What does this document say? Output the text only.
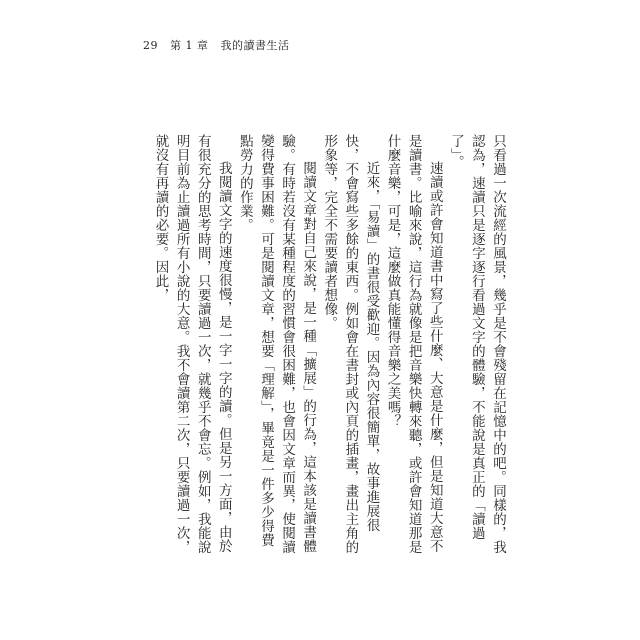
29 第 1 章 我的讀書生活

只看過一次流經的風景，幾乎是不會殘留在記憶中的吧。同樣的，我認為，速讀只是逐字逐行看過文字的體驗，不能說是真正的「讀過了」。

速讀或許會知道書中寫了些什麼、大意是什麼，但是知道大意不是讀書。比喻來說，這行為就像是把音樂快轉來聽，或許會知道那是什麼音樂，可是，這麼做真能懂得音樂之美嗎？

近來，「易讀」的書很受歡迎。因為內容很簡單，故事進展很快，不會寫些多餘的東西。例如會在書封或內頁的插畫，畫出主角的形象等，完全不需要讀者想像。

閱讀文章對自己來說，是一種「擴展」的行為，這本該是讀書體驗。有時若沒有某種程度的習慣會很困難，也會因文章而異，使閱讀變得費事困難。可是閱讀文章，想要「理解」，畢竟是一件多少得費點勞力的作業。

我閱讀文字的速度很慢，是一字一字的讀。但是另一方面，由於有很充分的思考時間，只要讀過一次，就幾乎不會忘。例如，我能說明目前為止讀過所有小說的大意。我不會讀第二次，只要讀過一次，就沒有再讀的必要。因此，
